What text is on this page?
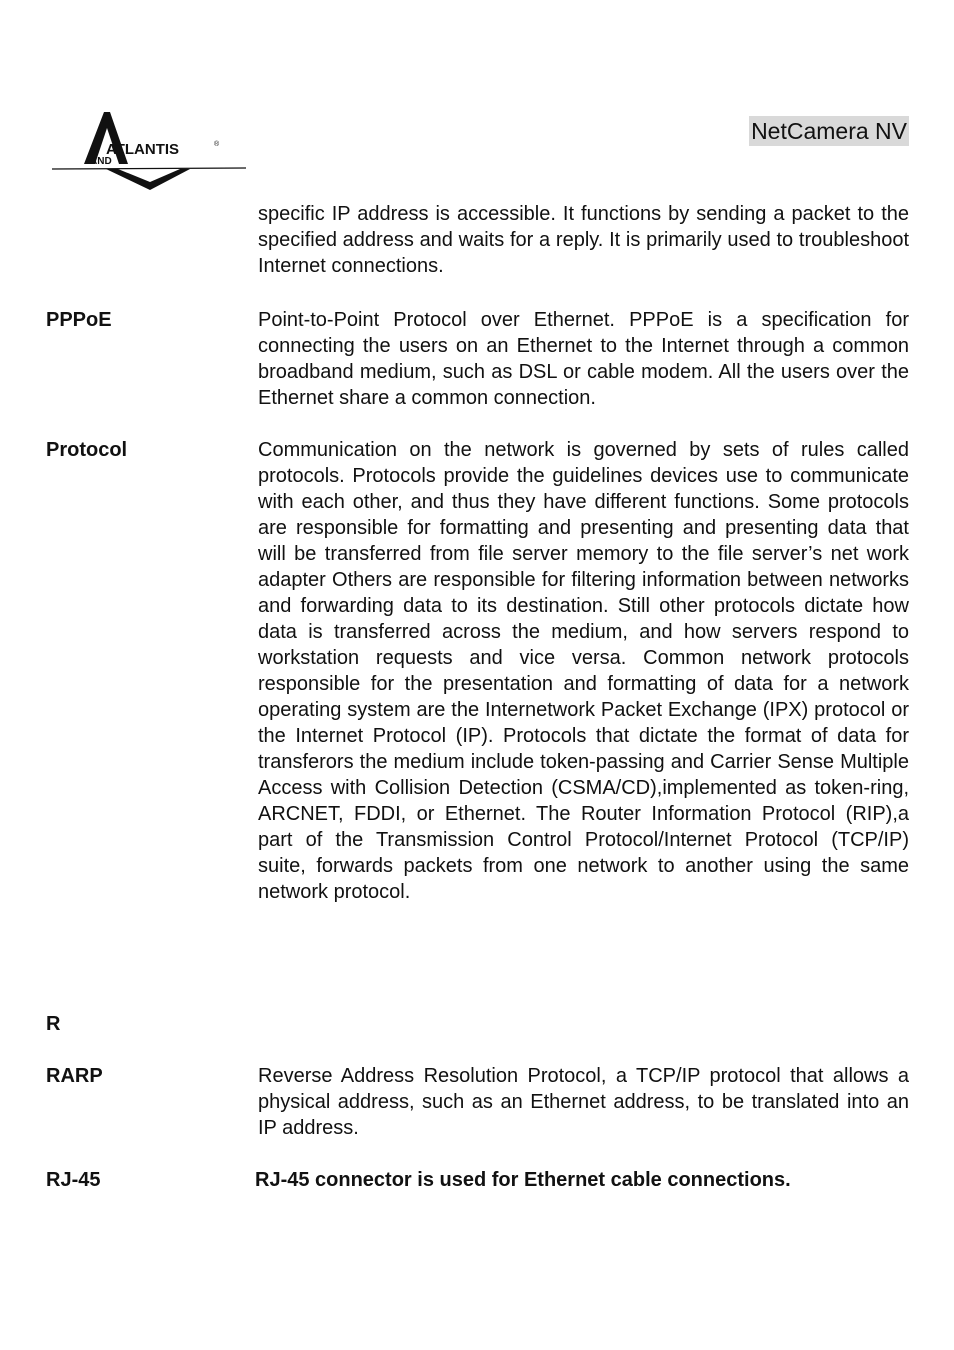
ATLANTIS
AND
®
NetCamera NV
specific IP address is accessible. It functions by sending a packet to the specified address and waits for a reply. It is primarily used to troubleshoot Internet connections.
PPPoE	Point-to-Point Protocol over Ethernet. PPPoE is a specification for connecting the users on an Ethernet to the Internet through a common broadband medium, such as DSL or cable modem. All the users over the Ethernet share a common connection.
Protocol	Communication on the network is governed by sets of rules called protocols. Protocols provide the guidelines devices use to communicate with each other, and thus they have different functions. Some protocols are responsible for formatting and presenting and presenting data that will be transferred from file server memory to the file server’s net work adapter Others are responsible for filtering information between networks and forwarding data to its destination. Still other protocols dictate how data is transferred across the medium, and how servers respond to workstation requests and vice versa. Common network protocols responsible for the presentation and formatting of data for a network operating system are the Internetwork Packet Exchange (IPX) protocol or the Internet Protocol (IP). Protocols that dictate the format of data for transferors the medium include token-passing and Carrier Sense Multiple Access with Collision Detection (CSMA/CD),implemented as token-ring, ARCNET, FDDI, or Ethernet. The Router Information Protocol (RIP),a part of the Transmission Control Protocol/Internet Protocol (TCP/IP) suite, forwards packets from one network to another using the same network protocol.
R
RARP	Reverse Address Resolution Protocol, a TCP/IP protocol that allows a physical address, such as an Ethernet address, to be translated into an IP address.
RJ-45	RJ-45 connector is used for Ethernet cable connections.
